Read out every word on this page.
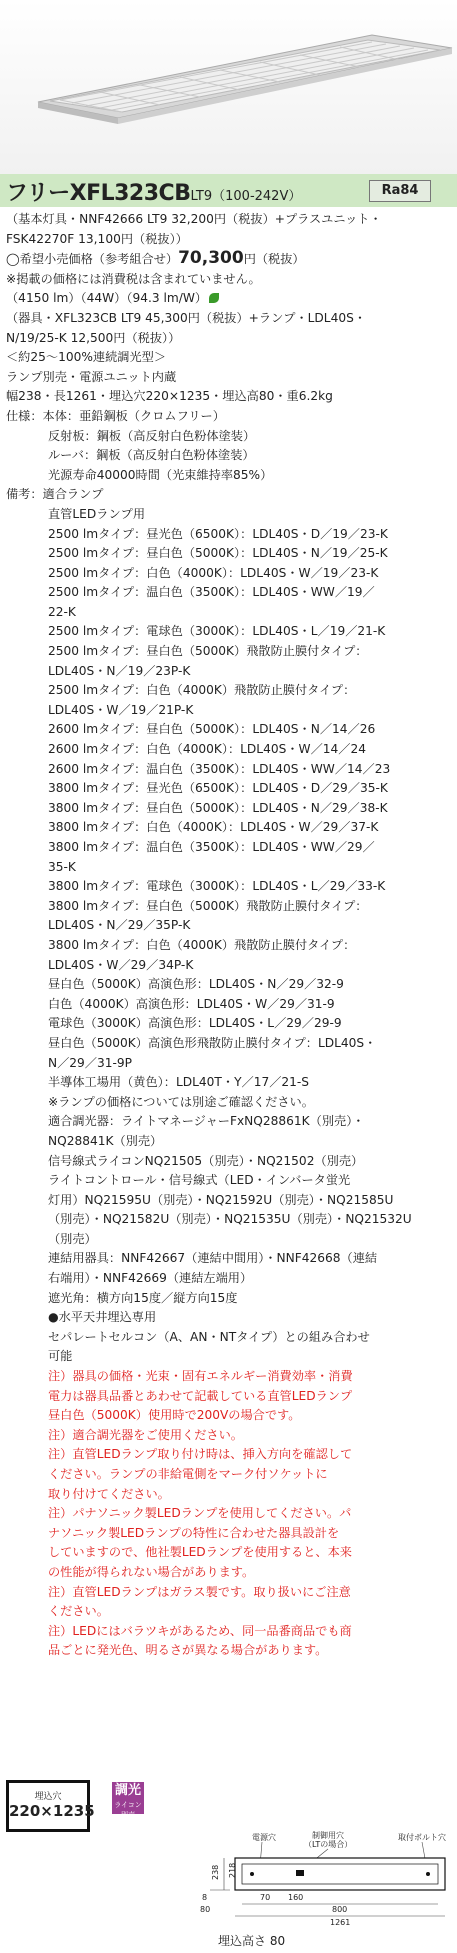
フリーXFL323CBLT9（100-242V）	Ra84
（基本灯具・NNF42666 LT9 32,200円（税抜）+プラスユニット・
FSK42270F 13,100円（税抜））
◯希望小売価格（参考組合せ）70,300円（税抜）
※掲載の価格には消費税は含まれていません。
（4150 lm）（44W）（94.3 lm/W）
（器具・XFL323CB LT9 45,300円（税抜）+ランプ・LDL40S・
N/19/25-K 12,500円（税抜））
＜約25～100%連続調光型＞
ランプ別売・電源ユニット内蔵
幅238・長1261・埋込穴220×1235・埋込高80・重6.2kg
仕様：本体：亜鉛鋼板（クロムフリー）
反射板：鋼板（高反射白色粉体塗装）
ルーバ：鋼板（高反射白色粉体塗装）
光源寿命40000時間（光束維持率85%）
備考：適合ランプ
直管LEDランプ用
2500 lmタイプ：昼光色（6500K）：LDL40S・D／19／23-K
2500 lmタイプ：昼白色（5000K）：LDL40S・N／19／25-K
2500 lmタイプ：白色（4000K）：LDL40S・W／19／23-K
2500 lmタイプ：温白色（3500K）：LDL40S・WW／19／
22-K
2500 lmタイプ：電球色（3000K）：LDL40S・L／19／21-K
2500 lmタイプ：昼白色（5000K）飛散防止膜付タイプ：
LDL40S・N／19／23P-K
2500 lmタイプ：白色（4000K）飛散防止膜付タイプ：
LDL40S・W／19／21P-K
2600 lmタイプ：昼白色（5000K）：LDL40S・N／14／26
2600 lmタイプ：白色（4000K）：LDL40S・W／14／24
2600 lmタイプ：温白色（3500K）：LDL40S・WW／14／23
3800 lmタイプ：昼光色（6500K）：LDL40S・D／29／35-K
3800 lmタイプ：昼白色（5000K）：LDL40S・N／29／38-K
3800 lmタイプ：白色（4000K）：LDL40S・W／29／37-K
3800 lmタイプ：温白色（3500K）：LDL40S・WW／29／
35-K
3800 lmタイプ：電球色（3000K）：LDL40S・L／29／33-K
3800 lmタイプ：昼白色（5000K）飛散防止膜付タイプ：
LDL40S・N／29／35P-K
3800 lmタイプ：白色（4000K）飛散防止膜付タイプ：
LDL40S・W／29／34P-K
昼白色（5000K）高演色形：LDL40S・N／29／32-9
白色（4000K）高演色形：LDL40S・W／29／31-9
電球色（3000K）高演色形：LDL40S・L／29／29-9
昼白色（5000K）高演色形飛散防止膜付タイプ：LDL40S・
N／29／31-9P
半導体工場用（黄色）：LDL40T・Y／17／21-S
※ランプの価格については別途ご確認ください。
適合調光器：ライトマネージャーFxNQ28861K（別売）・
NQ28841K（別売）
信号線式ライコンNQ21505（別売）・NQ21502（別売）
ライトコントロール・信号線式（LED・インバータ蛍光
灯用）NQ21595U（別売）・NQ21592U（別売）・NQ21585U
（別売）・NQ21582U（別売）・NQ21535U（別売）・NQ21532U
（別売）
連結用器具：NNF42667（連結中間用）・NNF42668（連結
右端用）・NNF42669（連結左端用）
遮光角：横方向15度／縦方向15度
●水平天井埋込専用
セパレートセルコン（A、AN・NTタイプ）との組み合わせ
可能
注）器具の価格・光束・固有エネルギー消費効率・消費
電力は器具品番とあわせて記載している直管LEDランプ
昼白色（5000K）使用時で200Vの場合です。
注）適合調光器をご使用ください。
注）直管LEDランプ取り付け時は、挿入方向を確認して
ください。ランプの非給電側をマーク付ソケットに
取り付けてください。
注）パナソニック製LEDランプを使用してください。パ
ナソニック製LEDランプの特性に合わせた器具設計を
していますので、他社製LEDランプを使用すると、本来
の性能が得られない場合があります。
注）直管LEDランプはガラス製です。取り扱いにご注意
ください。
注）LEDにはバラツキがあるため、同一品番商品でも商
品ごとに発光色、明るさが異なる場合があります。
埋込穴
220×1235
調光
ライコン別売
電源穴	制御用穴
（LTの場合）
取付ボルト穴
238 218
8
80
70 160
800
1261
埋込高さ 80
